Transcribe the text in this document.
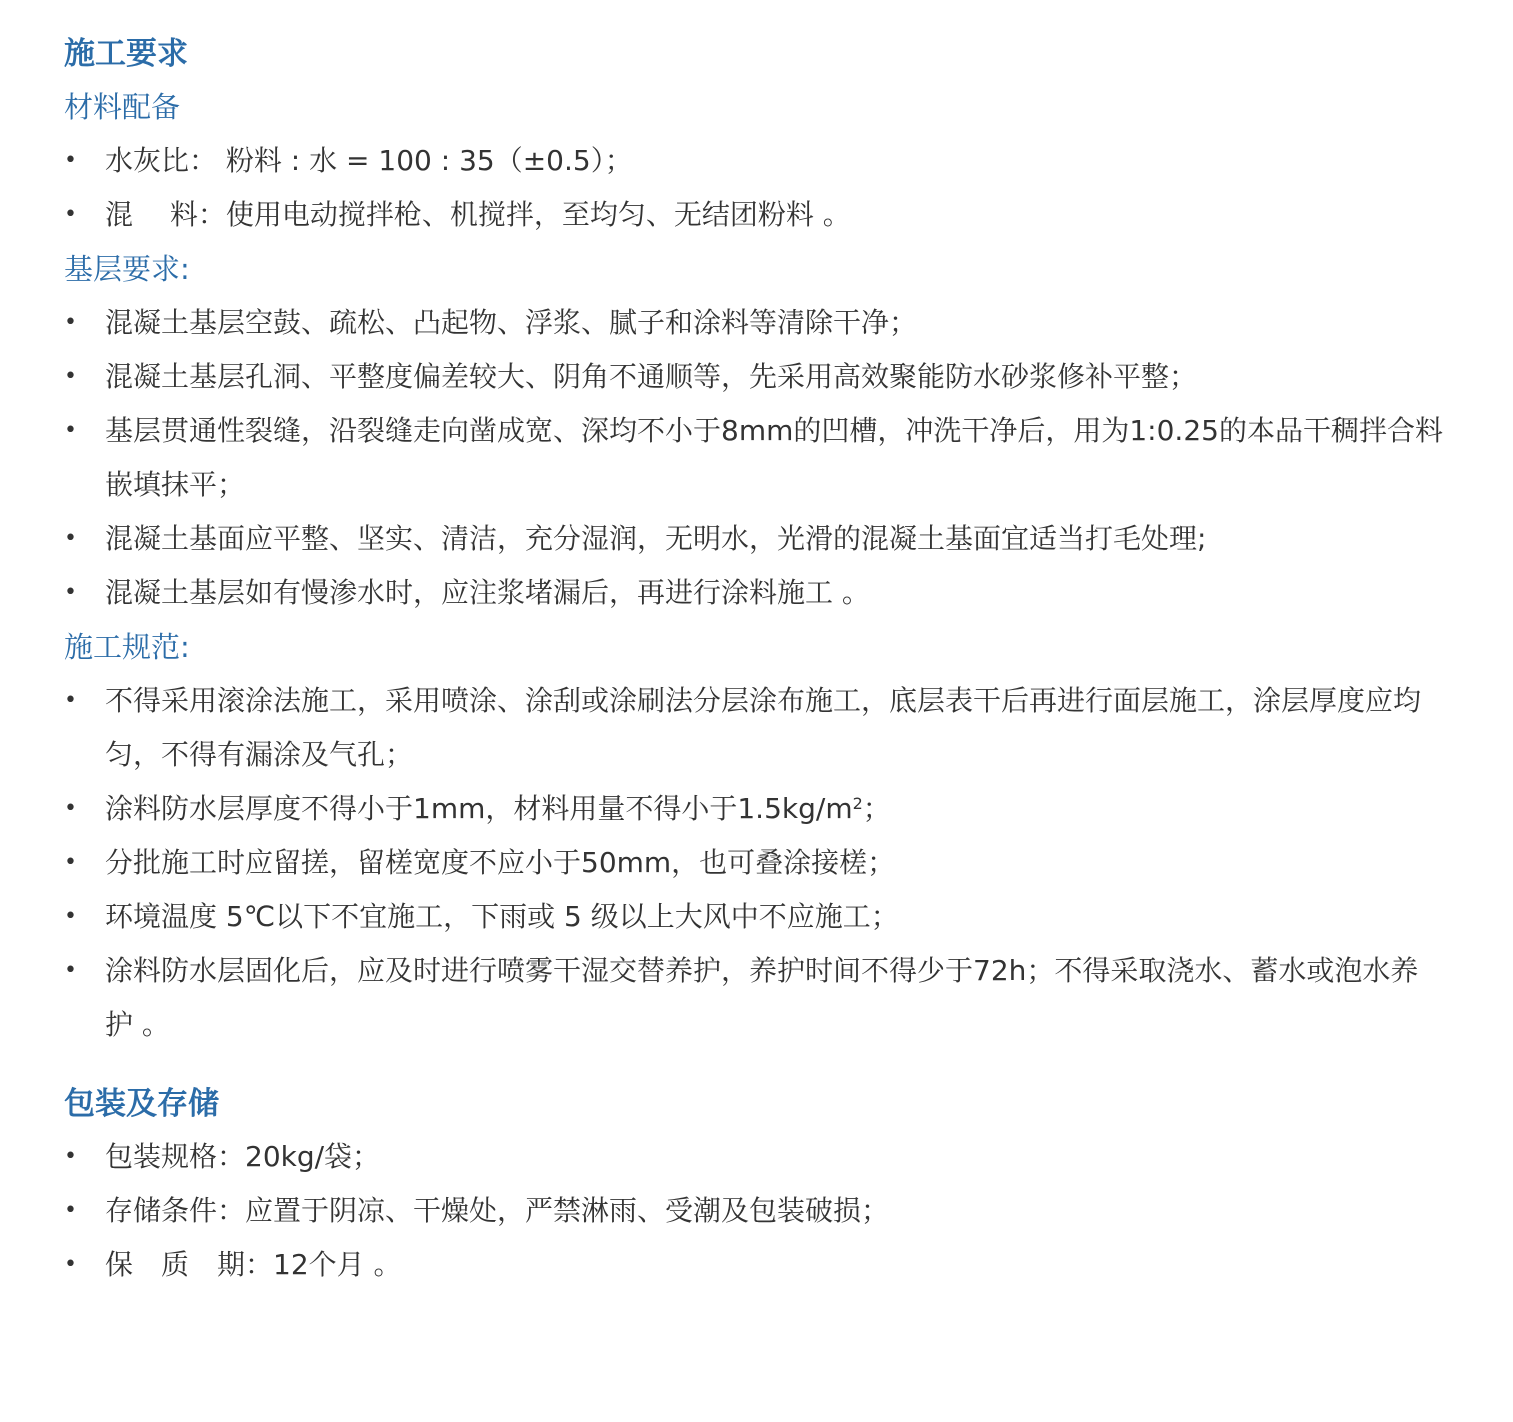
施工要求
材料配备
• 水灰比： 粉料 : 水 = 100 : 35（±0.5）；
• 混　 料：使用电动搅拌枪、机搅拌，至均匀、无结团粉料 。
基层要求:
• 混凝土基层空鼓、疏松、凸起物、浮浆、腻子和涂料等清除干净；
• 混凝土基层孔洞、平整度偏差较大、阴角不通顺等，先采用高效聚能防水砂浆修补平整；
• 基层贯通性裂缝，沿裂缝走向凿成宽、深均不小于8mm的凹槽，冲洗干净后，用为1:0.25的本品干稠拌合料嵌填抹平；
• 混凝土基面应平整、坚实、清洁，充分湿润，无明水，光滑的混凝土基面宜适当打毛处理;
• 混凝土基层如有慢渗水时，应注浆堵漏后，再进行涂料施工 。
施工规范:
• 不得采用滚涂法施工，采用喷涂、涂刮或涂刷法分层涂布施工，底层表干后再进行面层施工，涂层厚度应均匀，不得有漏涂及气孔；
• 涂料防水层厚度不得小于1mm，材料用量不得小于$1.5kg/m^2$；
• 分批施工时应留搓，留槎宽度不应小于50mm，也可叠涂接槎；
• 环境温度 5℃以下不宜施工，下雨或 5 级以上大风中不应施工；
• 涂料防水层固化后，应及时进行喷雾干湿交替养护，养护时间不得少于72h；不得采取浇水、蓄水或泡水养护 。
包装及存储
• 包装规格：20kg/袋；
• 存储条件：应置于阴凉、干燥处，严禁淋雨、受潮及包装破损；
• 保　质　期：12个月 。
